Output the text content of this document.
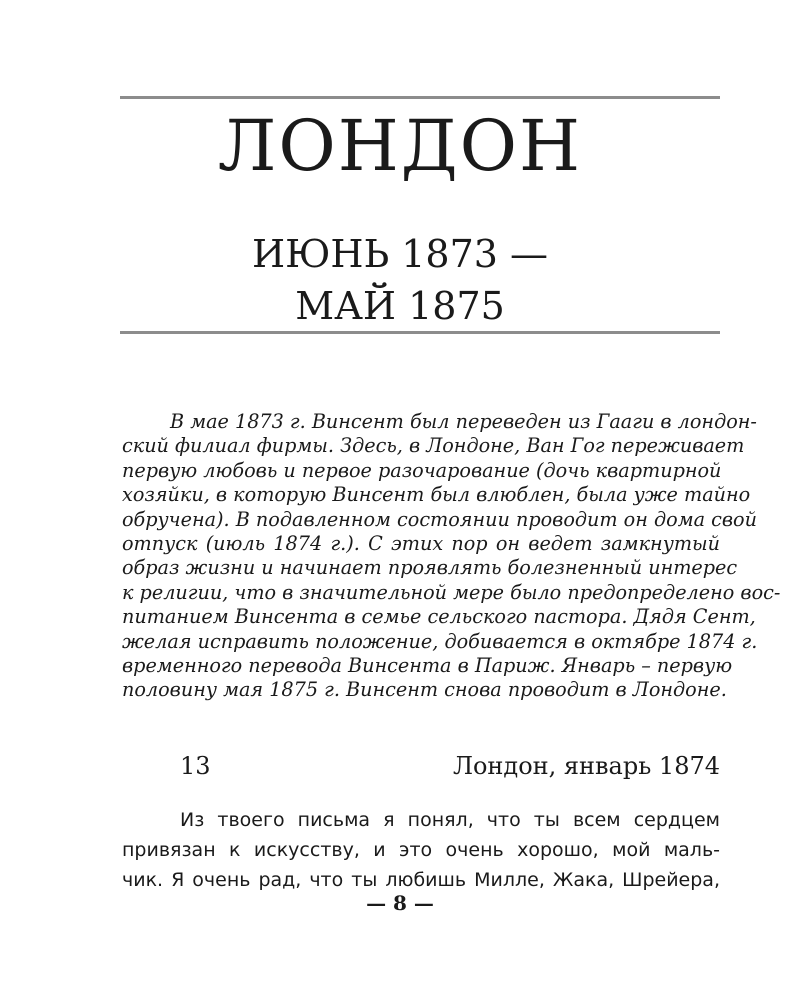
ЛОНДОН
ИЮНЬ 1873 —
МАЙ 1875
В мае 1873 г. Винсент был переведен из Гааги в лондон-
ский филиал фирмы. Здесь, в Лондоне, Ван Гог переживает
первую любовь и первое разочарование (дочь квартирной
хозяйки, в которую Винсент был влюблен, была уже тайно
обручена). В подавленном состоянии проводит он дома свой
отпуск (июль 1874 г.). С этих пор он ведет замкнутый
образ жизни и начинает проявлять болезненный интерес
к религии, что в значительной мере было предопределено вос-
питанием Винсента в семье сельского пастора. Дядя Сент,
желая исправить положение, добивается в октябре 1874 г.
временного перевода Винсента в Париж. Январь – первую
половину мая 1875 г. Винсент снова проводит в Лондоне.
13	Лондон, январь 1874
Из твоего письма я понял, что ты всем сердцем
привязан к искусству, и это очень хорошо, мой маль-
чик. Я очень рад, что ты любишь Милле, Жака, Шрейера,
— 8 —
